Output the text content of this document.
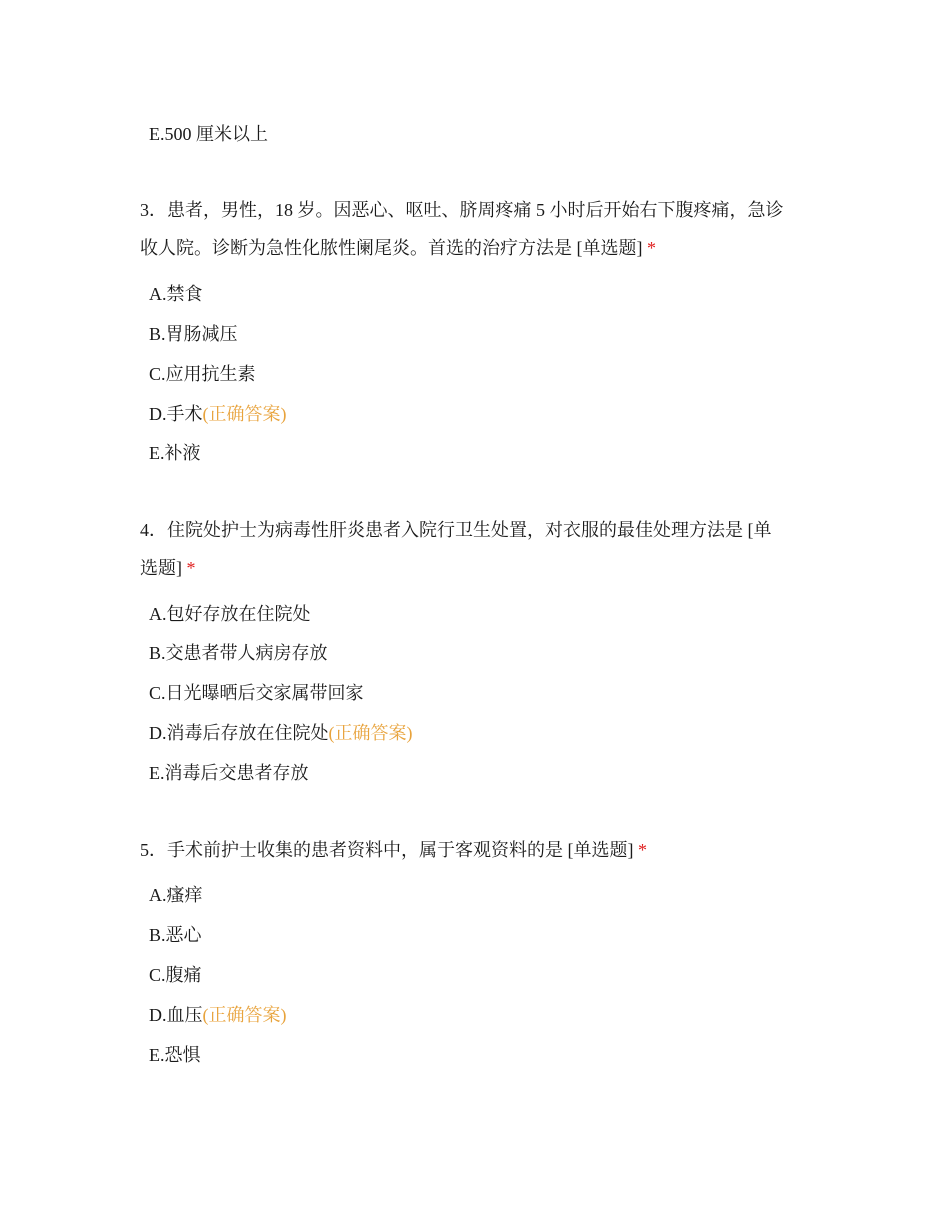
E.500 厘米以上
3．患者，男性，18 岁。因恶心、呕吐、脐周疼痛 5 小时后开始右下腹疼痛，急诊
收人院。诊断为急性化脓性阑尾炎。首选的治疗方法是 [单选题] *
A.禁食
B.胃肠减压
C.应用抗生素
D.手术(正确答案)
E.补液
4．住院处护士为病毒性肝炎患者入院行卫生处置，对衣服的最佳处理方法是 [单
选题] *
A.包好存放在住院处
B.交患者带人病房存放
C.日光曝晒后交家属带回家
D.消毒后存放在住院处(正确答案)
E.消毒后交患者存放
5．手术前护士收集的患者资料中，属于客观资料的是 [单选题] *
A.瘙痒
B.恶心
C.腹痛
D.血压(正确答案)
E.恐惧
